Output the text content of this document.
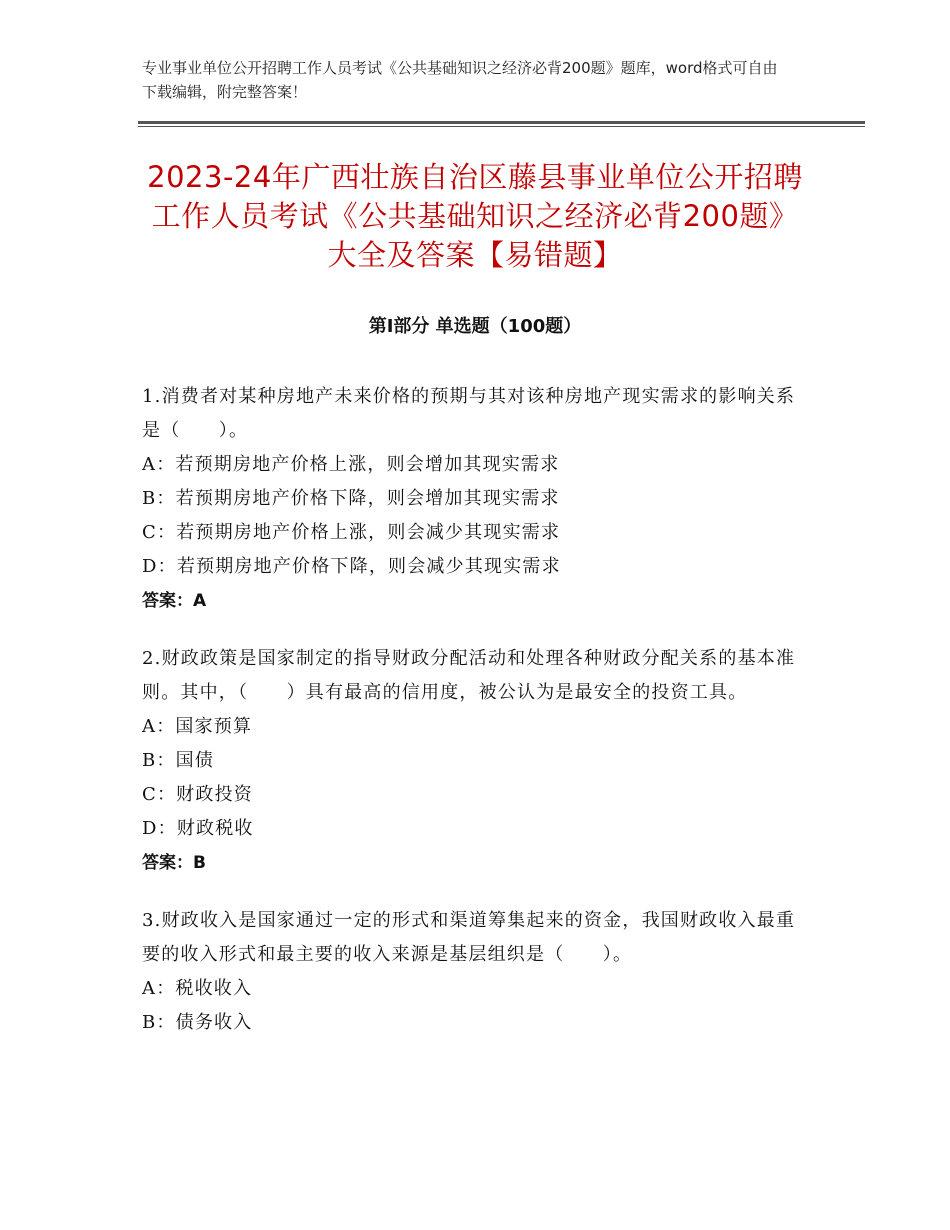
专业事业单位公开招聘工作人员考试《公共基础知识之经济必背200题》题库，word格式可自由下载编辑，附完整答案！
2023-24年广西壮族自治区藤县事业单位公开招聘工作人员考试《公共基础知识之经济必背200题》大全及答案【易错题】
第Ⅰ部分 单选题（100题）
1.消费者对某种房地产未来价格的预期与其对该种房地产现实需求的影响关系是（　　）。
A：若预期房地产价格上涨，则会增加其现实需求
B：若预期房地产价格下降，则会增加其现实需求
C：若预期房地产价格上涨，则会减少其现实需求
D：若预期房地产价格下降，则会减少其现实需求
答案：A
2.财政政策是国家制定的指导财政分配活动和处理各种财政分配关系的基本准则。其中，（　　）具有最高的信用度，被公认为是最安全的投资工具。
A：国家预算
B：国债
C：财政投资
D：财政税收
答案：B
3.财政收入是国家通过一定的形式和渠道筹集起来的资金，我国财政收入最重要的收入形式和最主要的收入来源是基层组织是（　　）。
A：税收收入
B：债务收入
